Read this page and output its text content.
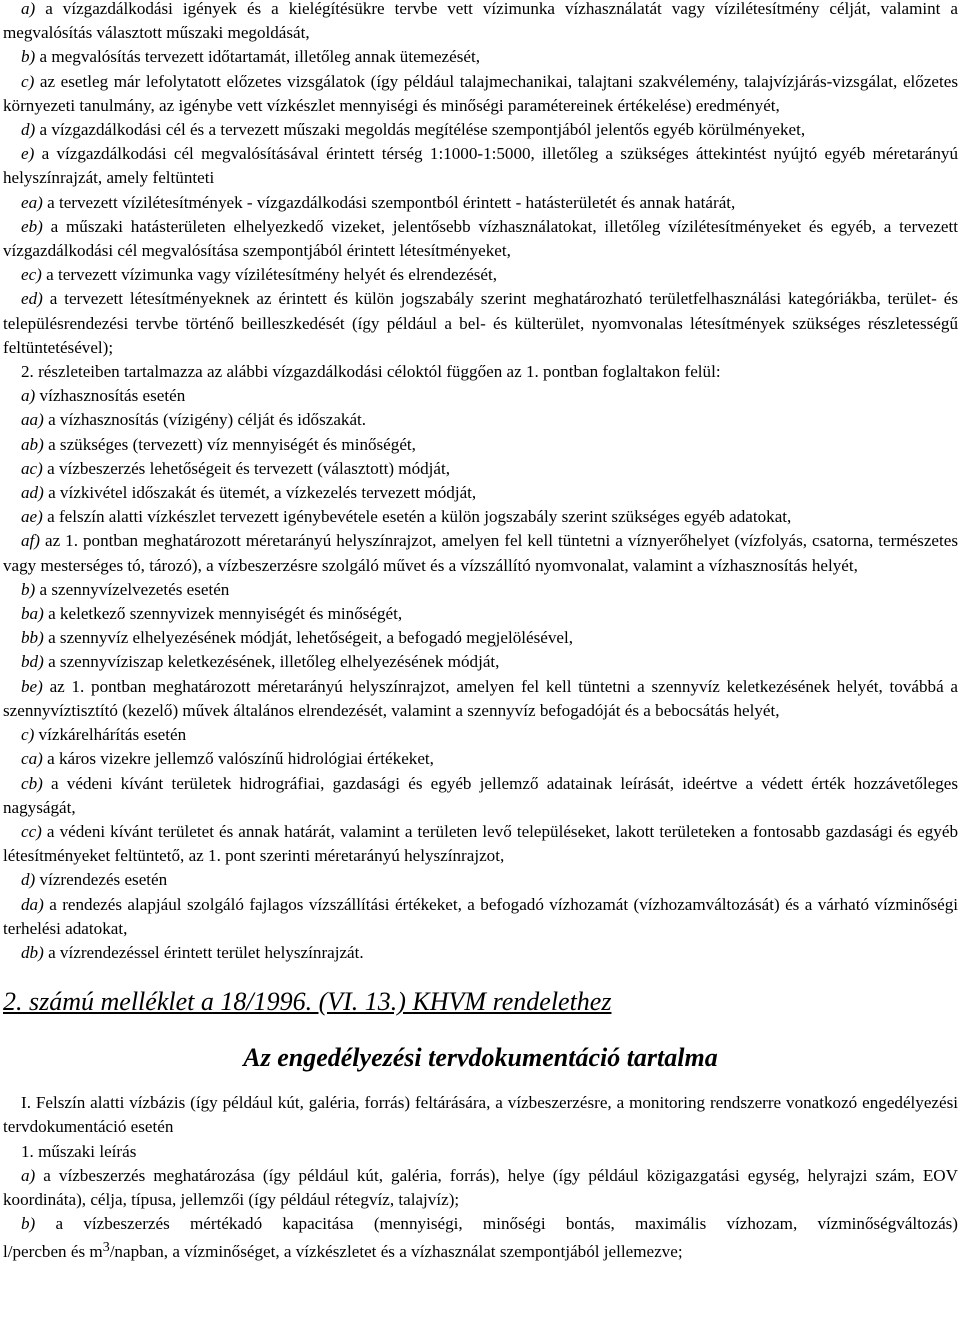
a) a vízgazdálkodási igények és a kielégítésükre tervbe vett vízimunka vízhasználatát vagy vízilétesítmény célját, valamint a megvalósítás választott műszaki megoldását,

b) a megvalósítás tervezett időtartamát, illetőleg annak ütemezését,

c) az esetleg már lefolytatott előzetes vizsgálatok (így például talajmechanikai, talajtani szakvélemény, talajvízjárás-vizsgálat, előzetes környezeti tanulmány, az igénybe vett vízkészlet mennyiségi és minőségi paramétereinek értékelése) eredményét,

d) a vízgazdálkodási cél és a tervezett műszaki megoldás megítélése szempontjából jelentős egyéb körülményeket,

e) a vízgazdálkodási cél megvalósításával érintett térség 1:1000-1:5000, illetőleg a szükséges áttekintést nyújtó egyéb méretarányú helyszínrajzát, amely feltünteti

ea) a tervezett vízilétesítmények - vízgazdálkodási szempontból érintett - hatásterületét és annak határát,

eb) a műszaki hatásterületen elhelyezkedő vizeket, jelentősebb vízhasználatokat, illetőleg vízilétesítményeket és egyéb, a tervezett vízgazdálkodási cél megvalósítása szempontjából érintett létesítményeket,

ec) a tervezett vízimunka vagy vízilétesítmény helyét és elrendezését,

ed) a tervezett létesítményeknek az érintett és külön jogszabály szerint meghatározható területfelhasználási kategóriákba, terület- és településrendezési tervbe történő beilleszkedését (így például a bel- és külterület, nyomvonalas létesítmények szükséges részletességű feltüntetésével);

2. részleteiben tartalmazza az alábbi vízgazdálkodási céloktól függően az 1. pontban foglaltakon felül:

a) vízhasznosítás esetén

aa) a vízhasznosítás (vízigény) célját és időszakát.

ab) a szükséges (tervezett) víz mennyiségét és minőségét,

ac) a vízbeszerzés lehetőségeit és tervezett (választott) módját,

ad) a vízkivétel időszakát és ütemét, a vízkezelés tervezett módját,

ae) a felszín alatti vízkészlet tervezett igénybevétele esetén a külön jogszabály szerint szükséges egyéb adatokat,

af) az 1. pontban meghatározott méretarányú helyszínrajzot, amelyen fel kell tüntetni a víznyerőhelyet (vízfolyás, csatorna, természetes vagy mesterséges tó, tározó), a vízbeszerzésre szolgáló művet és a vízszállító nyomvonalat, valamint a vízhasznosítás helyét,

b) a szennyvízelvezetés esetén

ba) a keletkező szennyvizek mennyiségét és minőségét,

bb) a szennyvíz elhelyezésének módját, lehetőségeit, a befogadó megjelölésével,

bd) a szennyvíziszap keletkezésének, illetőleg elhelyezésének módját,

be) az 1. pontban meghatározott méretarányú helyszínrajzot, amelyen fel kell tüntetni a szennyvíz keletkezésének helyét, továbbá a szennyvíztisztító (kezelő) művek általános elrendezését, valamint a szennyvíz befogadóját és a bebocsátás helyét,

c) vízkárelhárítás esetén

ca) a káros vizekre jellemző valószínű hidrológiai értékeket,

cb) a védeni kívánt területek hidrográfiai, gazdasági és egyéb jellemző adatainak leírását, ideértve a védett érték hozzávetőleges nagyságát,

cc) a védeni kívánt területet és annak határát, valamint a területen levő településeket, lakott területeken a fontosabb gazdasági és egyéb létesítményeket feltüntető, az 1. pont szerinti méretarányú helyszínrajzot,

d) vízrendezés esetén

da) a rendezés alapjául szolgáló fajlagos vízszállítási értékeket, a befogadó vízhozamát (vízhozamváltozását) és a várható vízminőségi terhelési adatokat,

db) a vízrendezéssel érintett terület helyszínrajzát.

2. számú melléklet a 18/1996. (VI. 13.) KHVM rendelethez
Az engedélyezési tervdokumentáció tartalma

I. Felszín alatti vízbázis (így például kút, galéria, forrás) feltárására, a vízbeszerzésre, a monitoring rendszerre vonatkozó engedélyezési tervdokumentáció esetén

1. műszaki leírás

a) a vízbeszerzés meghatározása (így például kút, galéria, forrás), helye (így például közigazgatási egység, helyrajzi szám, EOV koordináta), célja, típusa, jellemzői (így például rétegvíz, talajvíz);

b) a vízbeszerzés mértékadó kapacitása (mennyiségi, minőségi bontás, maximális vízhozam, vízminőségváltozás)

l/percben és $m^3$/napban, a vízminőséget, a vízkészletet és a vízhasználat szempontjából jellemezve;
